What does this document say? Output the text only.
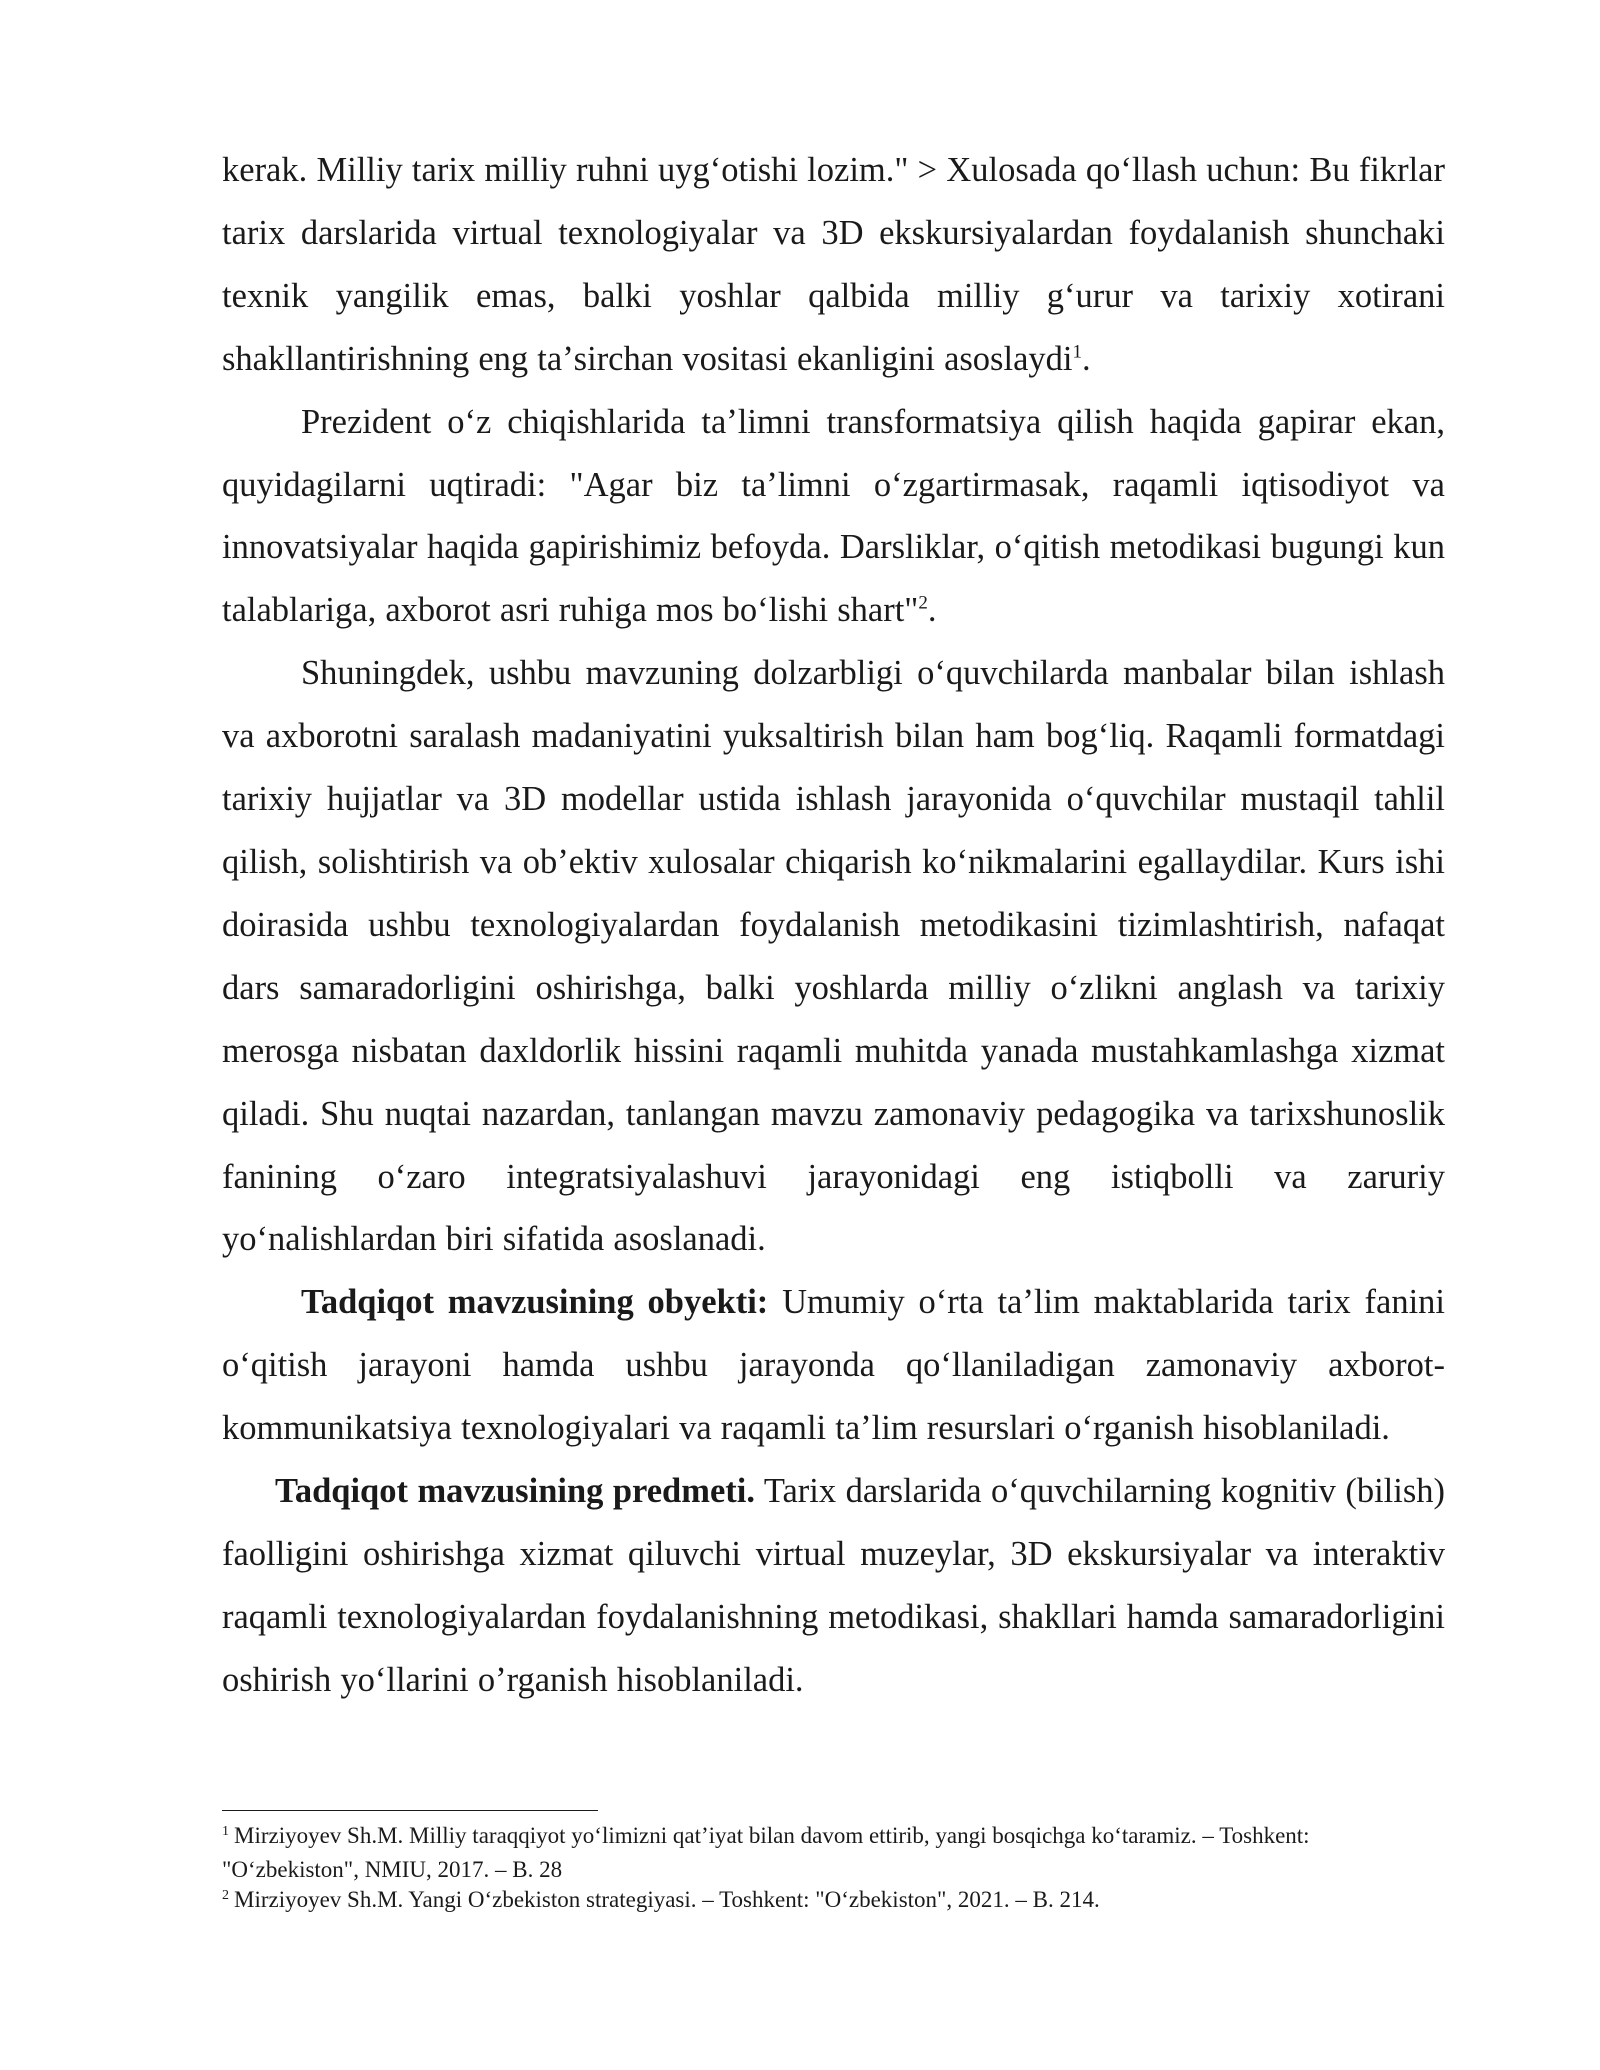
kerak. Milliy tarix milliy ruhni uygʻotishi lozim." > Xulosada qoʻllash uchun: Bu fikrlar tarix darslarida virtual texnologiyalar va 3D ekskursiyalardan foydalanish shunchaki texnik yangilik emas, balki yoshlar qalbida milliy gʻurur va tarixiy xotirani shakllantirishning eng taʼsirchan vositasi ekanligini asoslaydi$^1$.

Prezident oʻz chiqishlarida taʼlimni transformatsiya qilish haqida gapirar ekan, quyidagilarni uqtiradi: "Agar biz taʼlimni oʻzgartirmasak, raqamli iqtisodiyot va innovatsiyalar haqida gapirishimiz befoyda. Darsliklar, oʻqitish metodikasi bugungi kun talablariga, axborot asri ruhiga mos boʻlishi shart"$^2$.

Shuningdek, ushbu mavzuning dolzarbligi oʻquvchilarda manbalar bilan ishlash va axborotni saralash madaniyatini yuksaltirish bilan ham bogʻliq. Raqamli formatdagi tarixiy hujjatlar va 3D modellar ustida ishlash jarayonida oʻquvchilar mustaqil tahlil qilish, solishtirish va obʼektiv xulosalar chiqarish koʻnikmalarini egallaydilar. Kurs ishi doirasida ushbu texnologiyalardan foydalanish metodikasini tizimlashtirish, nafaqat dars samaradorligini oshirishga, balki yoshlarda milliy oʻzlikni anglash va tarixiy merosga nisbatan daxldorlik hissini raqamli muhitda yanada mustahkamlashga xizmat qiladi. Shu nuqtai nazardan, tanlangan mavzu zamonaviy pedagogika va tarixshunoslik fanining oʻzaro integratsiyalashuvi jarayonidagi eng istiqbolli va zaruriy yoʻnalishlardan biri sifatida asoslanadi.

Tadqiqot mavzusining obyekti: Umumiy oʻrta taʼlim maktablarida tarix fanini oʻqitish jarayoni hamda ushbu jarayonda qoʻllaniladigan zamonaviy axborot-kommunikatsiya texnologiyalari va raqamli taʼlim resurslari oʻrganish hisoblaniladi.

Tadqiqot mavzusining predmeti. Tarix darslarida oʻquvchilarning kognitiv (bilish) faolligini oshirishga xizmat qiluvchi virtual muzeylar, 3D ekskursiyalar va interaktiv raqamli texnologiyalardan foydalanishning metodikasi, shakllari hamda samaradorligini oshirish yoʻllarini oʼrganish hisoblaniladi.

$^1$ Mirziyoyev Sh.M. Milliy taraqqiyot yoʻlimizni qatʼiyat bilan davom ettirib, yangi bosqichga koʻtaramiz. – Toshkent: "Oʻzbekiston", NMIU, 2017. – B. 28

$^2$ Mirziyoyev Sh.M. Yangi Oʻzbekiston strategiyasi. – Toshkent: "Oʻzbekiston", 2021. – B. 214.
